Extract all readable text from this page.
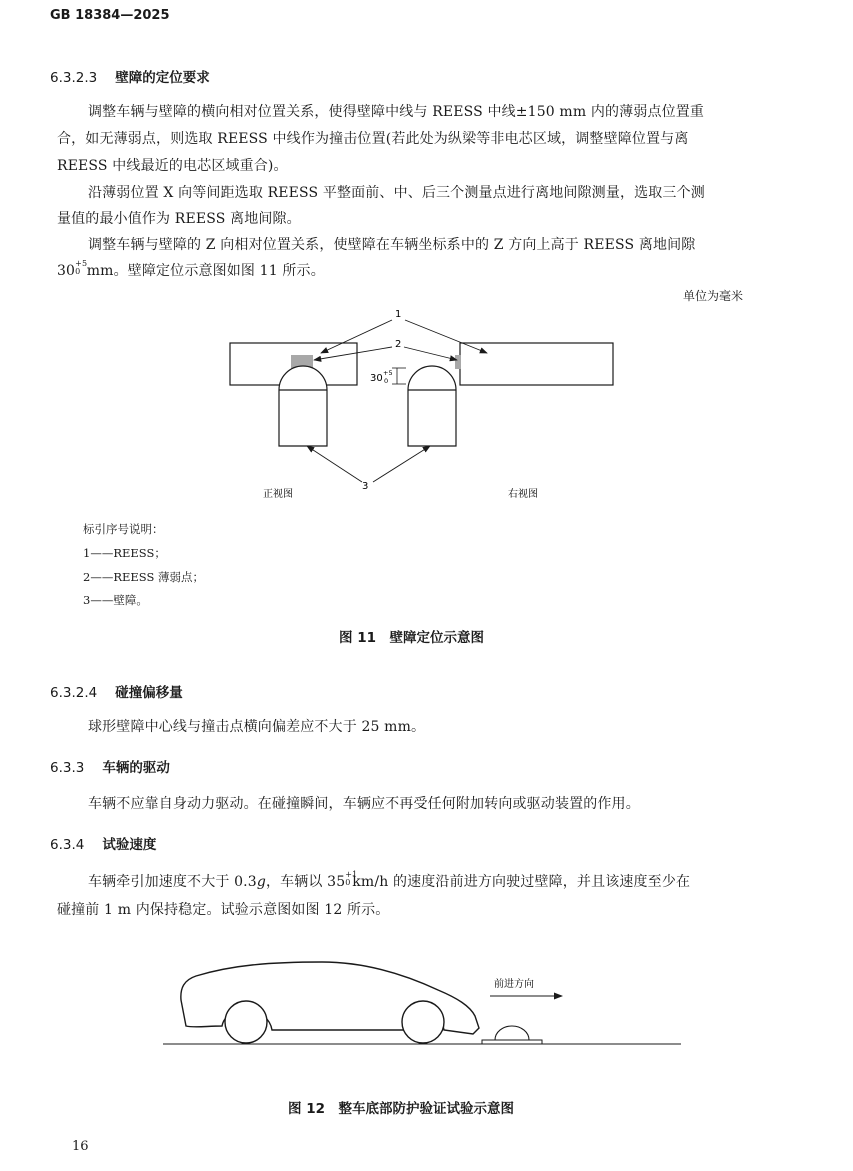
GB 18384—2025
6.3.2.3 壁障的定位要求
调整车辆与壁障的横向相对位置关系，使得壁障中线与 REESS 中线±150 mm 内的薄弱点位置重
合，如无薄弱点，则选取 REESS 中线作为撞击位置(若此处为纵梁等非电芯区域，调整壁障位置与离
REESS 中线最近的电芯区域重合)。
沿薄弱位置 X 向等间距选取 REESS 平整面前、中、后三个测量点进行离地间隙测量，选取三个测
量值的最小值作为 REESS 离地间隙。
调整车辆与壁障的 Z 向相对位置关系，使壁障在车辆坐标系中的 Z 方向上高于 REESS 离地间隙
30 +5
0 mm。壁障定位示意图如图 11 所示。
单位为毫米
30 +5
0
1
2
3
正视图	右视图
标引序号说明：
1——REESS；
2——REESS 薄弱点；
3——壁障。
图 11　壁障定位示意图
6.3.2.4 碰撞偏移量
球形壁障中心线与撞击点横向偏差应不大于 25 mm。
6.3.3 车辆的驱动
车辆不应靠自身动力驱动。在碰撞瞬间，车辆应不再受任何附加转向或驱动装置的作用。
6.3.4 试验速度
车辆牵引加速度不大于 0.3g，车辆以 35 +1
0 km/h 的速度沿前进方向驶过壁障，并且该速度至少在
碰撞前 1 m 内保持稳定。试验示意图如图 12 所示。
前进方向
图 12　整车底部防护验证试验示意图
16
